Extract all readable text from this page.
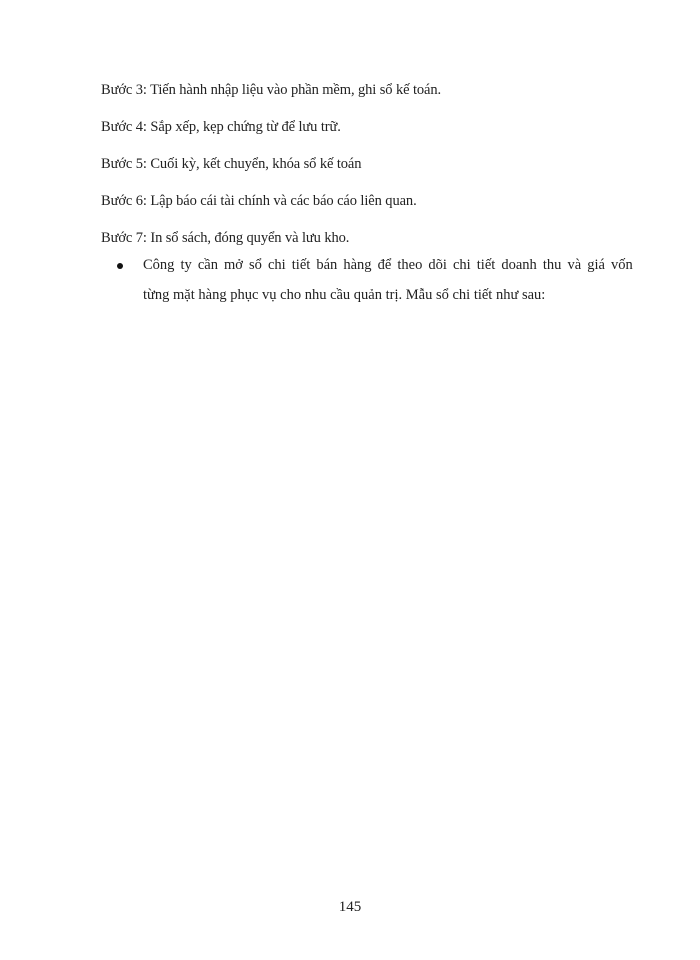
Bước 3: Tiến hành nhập liệu vào phần mềm, ghi sổ kế toán.
Bước 4: Sắp xếp, kẹp chứng từ để lưu trữ.
Bước 5: Cuối kỳ, kết chuyển, khóa sổ kế toán
Bước 6: Lập báo cái tài chính và các báo cáo liên quan.
Bước 7: In sổ sách, đóng quyển và lưu kho.
Công ty cần mở sổ chi tiết bán hàng để theo dõi chi tiết doanh thu và giá vốn
từng mặt hàng phục vụ cho nhu cầu quản trị. Mẫu sổ chi tiết như sau:
145
